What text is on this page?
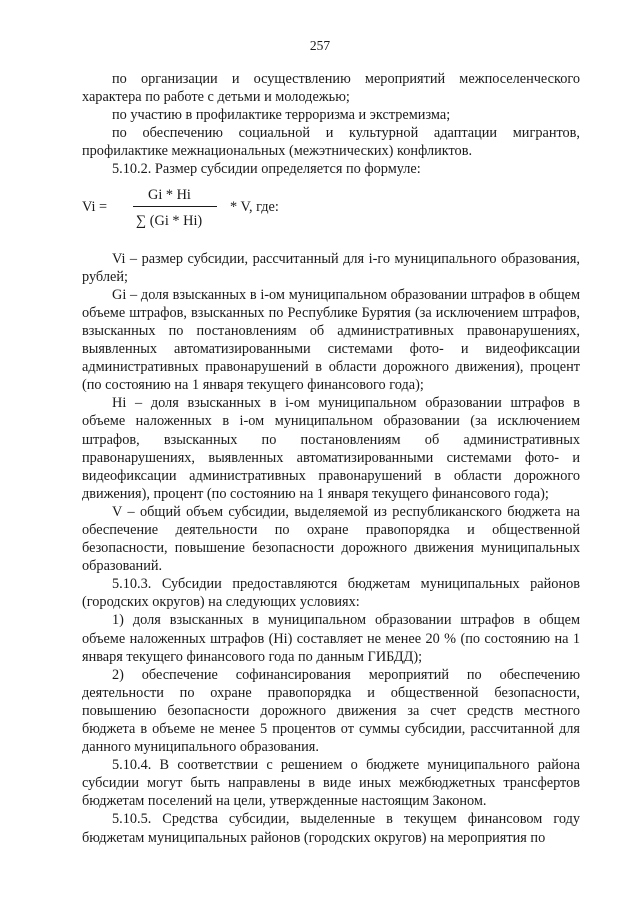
257

по организации и осуществлению мероприятий межпоселенческого характера по работе с детьми и молодежью;

по участию в профилактике терроризма и экстремизма;

по обеспечению социальной и культурной адаптации мигрантов, профилактике межнациональных (межэтнических) конфликтов.

5.10.2. Размер субсидии определяется по формуле:

Gi * Hi
Vi =	* V, где:
∑ (Gi * Hi)

Vi – размер субсидии, рассчитанный для i-го муниципального образования, рублей;

Gi – доля взысканных в i-ом муниципальном образовании штрафов в общем объеме штрафов, взысканных по Республике Бурятия (за исключением штрафов, взысканных по постановлениям об административных правонарушениях, выявленных автоматизированными системами фото- и видеофиксации административных правонарушений в области дорожного движения), процент (по состоянию на 1 января текущего финансового года);

Hi – доля взысканных в i-ом муниципальном образовании штрафов в объеме наложенных в i-ом муниципальном образовании (за исключением штрафов, взысканных по постановлениям об административных правонарушениях, выявленных автоматизированными системами фото- и видеофиксации административных правонарушений в области дорожного движения), процент (по состоянию на 1 января текущего финансового года);

V – общий объем субсидии, выделяемой из республиканского бюджета на обеспечение деятельности по охране правопорядка и общественной безопасности, повышение безопасности дорожного движения муниципальных образований.

5.10.3. Субсидии предоставляются бюджетам муниципальных районов (городских округов) на следующих условиях:

1) доля взысканных в муниципальном образовании штрафов в общем объеме наложенных штрафов (Hi) составляет не менее 20 % (по состоянию на 1 января текущего финансового года по данным ГИБДД);

2) обеспечение софинансирования мероприятий по обеспечению деятельности по охране правопорядка и общественной безопасности, повышению безопасности дорожного движения за счет средств местного бюджета в объеме не менее 5 процентов от суммы субсидии, рассчитанной для данного муниципального образования.

5.10.4. В соответствии с решением о бюджете муниципального района субсидии могут быть направлены в виде иных межбюджетных трансфертов бюджетам поселений на цели, утвержденные настоящим Законом.

5.10.5. Средства субсидии, выделенные в текущем финансовом году бюджетам муниципальных районов (городских округов) на мероприятия по
